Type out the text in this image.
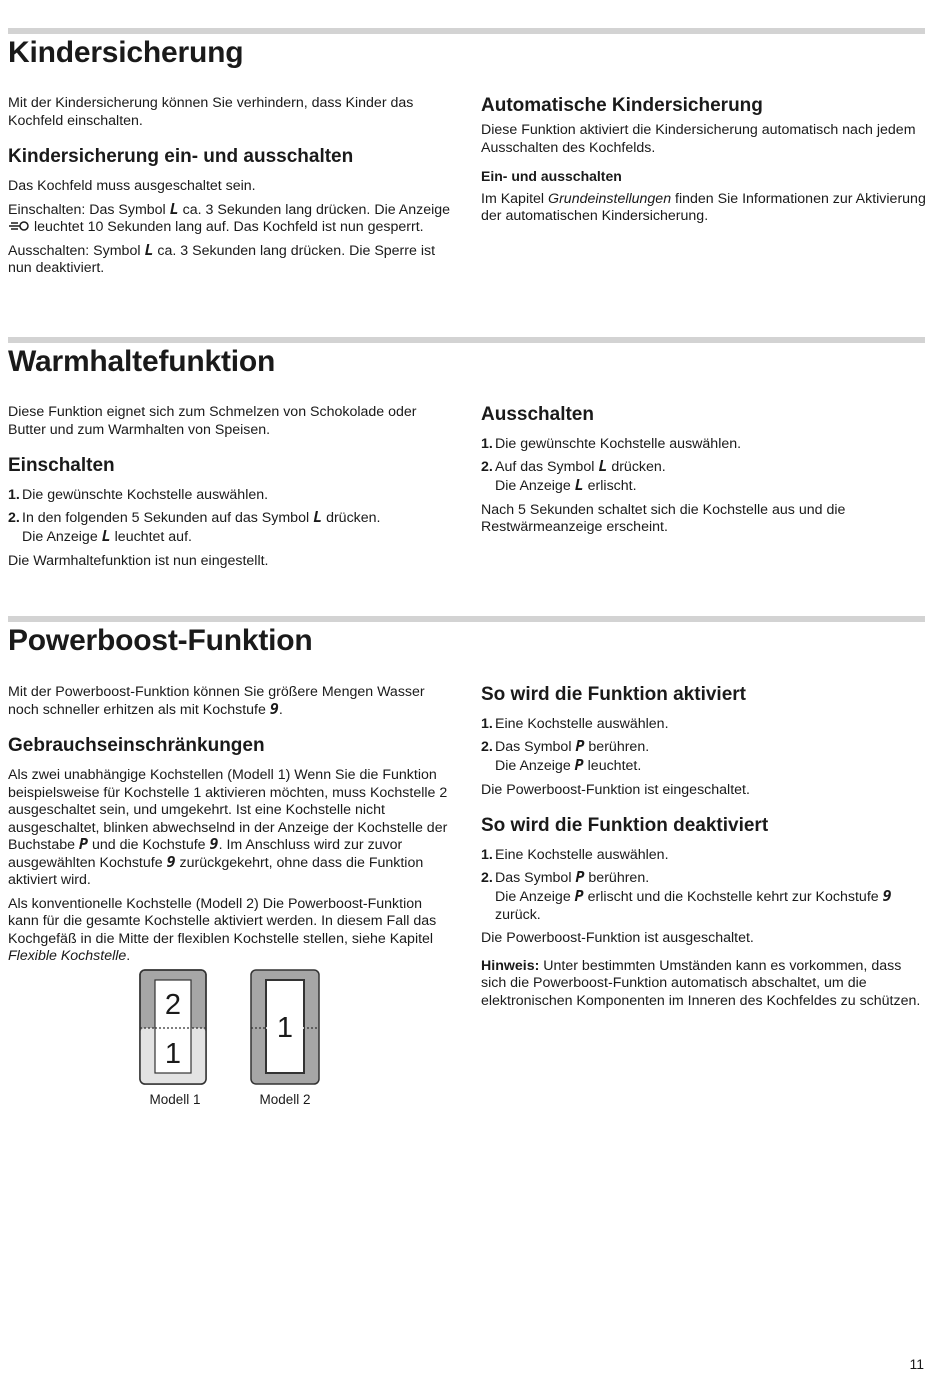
Kindersicherung

Mit der Kindersicherung können Sie verhindern, dass Kinder das Kochfeld einschalten.

Kindersicherung ein- und ausschalten

Das Kochfeld muss ausgeschaltet sein.

Einschalten: Das Symbol L ca. 3 Sekunden lang drücken. Die Anzeige  leuchtet 10 Sekunden lang auf. Das Kochfeld ist nun gesperrt.

Ausschalten: Symbol L ca. 3 Sekunden lang drücken. Die Sperre ist nun deaktiviert.

Automatische Kindersicherung

Diese Funktion aktiviert die Kindersicherung automatisch nach jedem Ausschalten des Kochfelds.

Ein- und ausschalten

Im Kapitel Grundeinstellungen finden Sie Informationen zur Aktivierung der automatischen Kindersicherung.

Warmhaltefunktion

Diese Funktion eignet sich zum Schmelzen von Schokolade oder Butter und zum Warmhalten von Speisen.

Einschalten
1. Die gewünschte Kochstelle auswählen.
2. In den folgenden 5 Sekunden auf das Symbol L drücken.

Die Anzeige L leuchtet auf.

Die Warmhaltefunktion ist nun eingestellt.

Ausschalten
1. Die gewünschte Kochstelle auswählen.
2. Auf das Symbol L drücken.

Die Anzeige L erlischt.

Nach 5 Sekunden schaltet sich die Kochstelle aus und die Restwärmeanzeige erscheint.

Powerboost-Funktion

Mit der Powerboost-Funktion können Sie größere Mengen Wasser noch schneller erhitzen als mit Kochstufe 9.

Gebrauchseinschränkungen

Als zwei unabhängige Kochstellen (Modell 1) Wenn Sie die Funktion beispielsweise für Kochstelle 1 aktivieren möchten, muss Kochstelle 2 ausgeschaltet sein, und umgekehrt. Ist eine Kochstelle nicht ausgeschaltet, blinken abwechselnd in der Anzeige der Kochstelle der Buchstabe P und die Kochstufe 9. Im Anschluss wird zur zuvor ausgewählten Kochstufe 9 zurückgekehrt, ohne dass die Funktion aktiviert wird.

Als konventionelle Kochstelle (Modell 2) Die Powerboost-Funktion kann für die gesamte Kochstelle aktiviert werden. In diesem Fall das Kochgefäß in die Mitte der flexiblen Kochstelle stellen, siehe Kapitel Flexible Kochstelle.

2
1
1
Modell 1	Modell 2
So wird die Funktion aktiviert
1. Eine Kochstelle auswählen.
2. Das Symbol P berühren.

Die Anzeige P leuchtet.

Die Powerboost-Funktion ist eingeschaltet.

So wird die Funktion deaktiviert
1. Eine Kochstelle auswählen.
2. Das Symbol P berühren.

Die Anzeige P erlischt und die Kochstelle kehrt zur Kochstufe 9 zurück.

Die Powerboost-Funktion ist ausgeschaltet.

Hinweis: Unter bestimmten Umständen kann es vorkommen, dass sich die Powerboost-Funktion automatisch abschaltet, um die elektronischen Komponenten im Inneren des Kochfeldes zu schützen.

11
